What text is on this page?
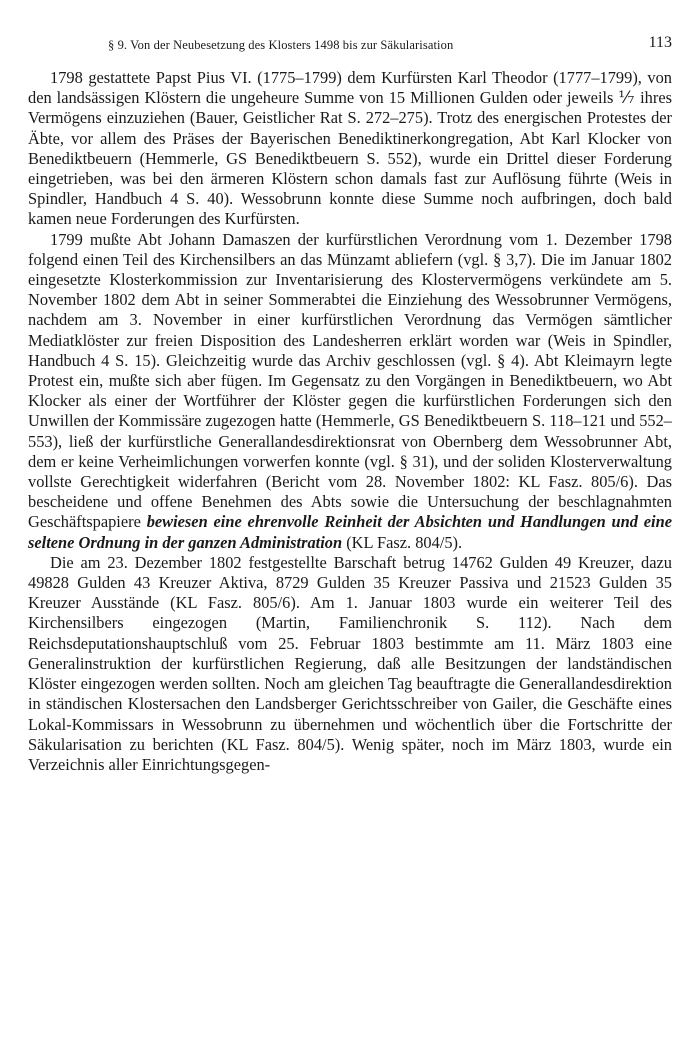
§ 9. Von der Neubesetzung des Klosters 1498 bis zur Säkularisation	113

1798 gestattete Papst Pius VI. (1775–1799) dem Kurfürsten Karl Theodor (1777–1799), von den landsässigen Klöstern die ungeheure Summe von 15 Millionen Gulden oder jeweils ⅐ ihres Vermögens einzuziehen (Bauer, Geistlicher Rat S. 272–275). Trotz des energischen Protestes der Äbte, vor allem des Präses der Bayerischen Benediktinerkongregation, Abt Karl Klocker von Benediktbeuern (Hemmerle, GS Benediktbeuern S. 552), wurde ein Drittel dieser Forderung eingetrieben, was bei den ärmeren Klöstern schon damals fast zur Auflösung führte (Weis in Spindler, Handbuch 4 S. 40). Wessobrunn konnte diese Summe noch aufbringen, doch bald kamen neue Forderungen des Kurfürsten.

1799 mußte Abt Johann Damaszen der kurfürstlichen Verordnung vom 1. Dezember 1798 folgend einen Teil des Kirchensilbers an das Münzamt abliefern (vgl. § 3,7). Die im Januar 1802 eingesetzte Klosterkommission zur Inventarisierung des Klostervermögens verkündete am 5. November 1802 dem Abt in seiner Sommerabtei die Einziehung des Wessobrunner Vermögens, nachdem am 3. November in einer kurfürstlichen Verordnung das Vermögen sämtlicher Mediatklöster zur freien Disposition des Landesherren erklärt worden war (Weis in Spindler, Handbuch 4 S. 15). Gleichzeitig wurde das Archiv geschlossen (vgl. § 4). Abt Kleimayrn legte Protest ein, mußte sich aber fügen. Im Gegensatz zu den Vorgängen in Benediktbeuern, wo Abt Klocker als einer der Wortführer der Klöster gegen die kurfürstlichen Forderungen sich den Unwillen der Kommissäre zugezogen hatte (Hemmerle, GS Benediktbeuern S. 118–121 und 552–553), ließ der kurfürstliche Generallandesdirektionsrat von Obernberg dem Wessobrunner Abt, dem er keine Verheimlichungen vorwerfen konnte (vgl. § 31), und der soliden Klosterverwaltung vollste Gerechtigkeit widerfahren (Bericht vom 28. November 1802: KL Fasz. 805/6). Das bescheidene und offene Benehmen des Abts sowie die Untersuchung der beschlagnahmten Geschäftspapiere bewiesen eine ehrenvolle Reinheit der Absichten und Handlungen und eine seltene Ordnung in der ganzen Administration (KL Fasz. 804/5).

Die am 23. Dezember 1802 festgestellte Barschaft betrug 14762 Gulden 49 Kreuzer, dazu 49828 Gulden 43 Kreuzer Aktiva, 8729 Gulden 35 Kreuzer Passiva und 21523 Gulden 35 Kreuzer Ausstände (KL Fasz. 805/6). Am 1. Januar 1803 wurde ein weiterer Teil des Kirchensilbers eingezogen (Martin, Familienchronik S. 112). Nach dem Reichsdeputationshauptschluß vom 25. Februar 1803 bestimmte am 11. März 1803 eine Generalinstruktion der kurfürstlichen Regierung, daß alle Besitzungen der landständischen Klöster eingezogen werden sollten. Noch am gleichen Tag beauftragte die Generallandesdirektion in ständischen Klostersachen den Landsberger Gerichtsschreiber von Gailer, die Geschäfte eines Lokal-Kommissars in Wessobrunn zu übernehmen und wöchentlich über die Fortschritte der Säkularisation zu berichten (KL Fasz. 804/5). Wenig später, noch im März 1803, wurde ein Verzeichnis aller Einrichtungsgegen-
